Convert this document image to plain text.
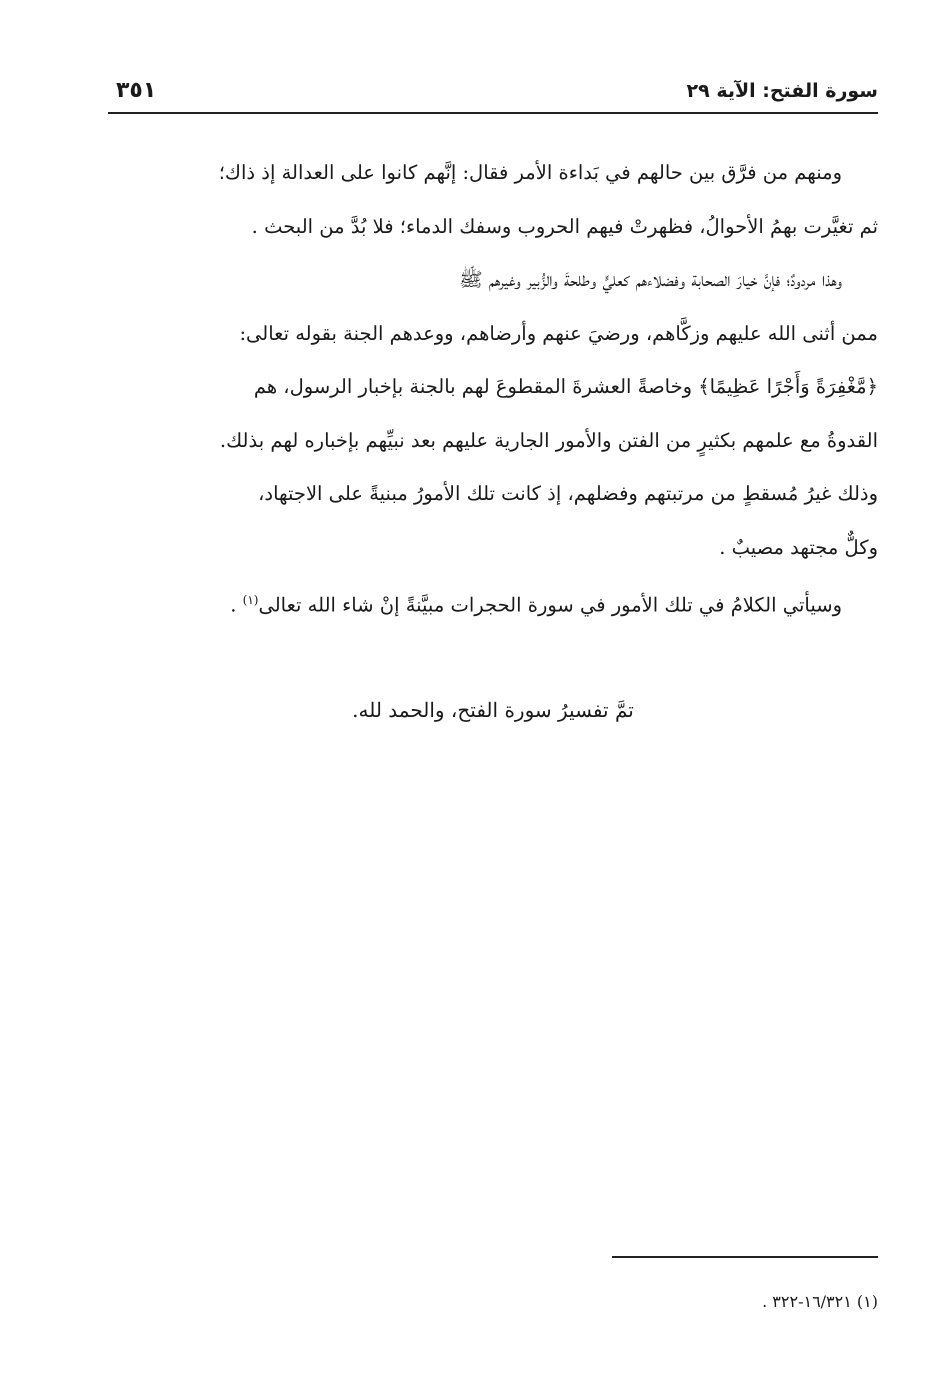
سورة الفتح: الآية ٢٩
٣٥١

ومنهم من فرَّق بين حالهم في بَداءة الأمر فقال: إنَّهم كانوا على العدالة إذ ذاك؛
ثم تغيَّرت بهمُ الأحوالُ، فظهرتْ فيهم الحروب وسفك الدماء؛ فلا بُدَّ من البحث .

وهذا مردودٌ؛ فإنَّ خيارَ الصحابة وفضلاءهم كعليٍّ وطلحةَ والزُّبير وغيرهم ﷺ
ممن أثنى الله عليهم وزكَّاهم، ورضيَ عنهم وأرضاهم، ووعدهم الجنة بقوله تعالى:
﴿مَّغْفِرَةً وَأَجْرًا عَظِيمًا﴾ وخاصةً العشرةَ المقطوعَ لهم بالجنة بإخبار الرسول، هم
القدوةُ مع علمهم بكثيرٍ من الفتن والأمور الجارية عليهم بعد نبيِّهم بإخباره لهم بذلك.
وذلك غيرُ مُسقطٍ من مرتبتهم وفضلهم، إذ كانت تلك الأمورُ مبنيةً على الاجتهاد،
وكلٌّ مجتهد مصيبٌ .

وسيأتي الكلامُ في تلك الأمور في سورة الحجرات مبيَّنةً إنْ شاء الله تعالى$^{(١)}$ .

تمَّ تفسيرُ سورة الفتح، والحمد لله.
(١) ١٦/٣٢١-٣٢٢ .
